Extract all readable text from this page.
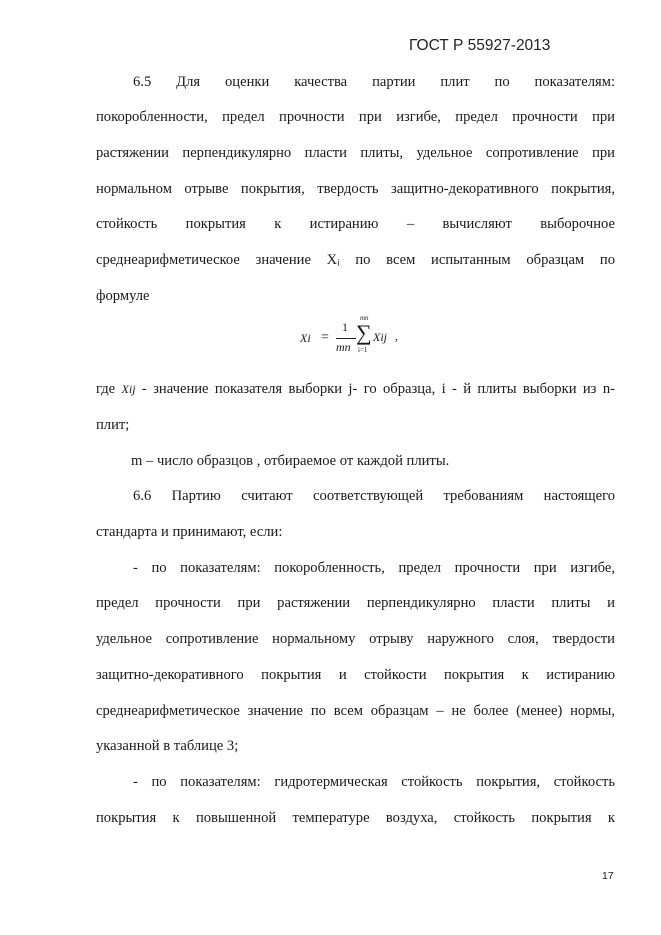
ГОСТ Р 55927-2013
6.5 Для оценки качества партии плит по показателям:
покоробленности, предел прочности при изгибе, предел прочности при
растяжении перпендикулярно пласти плиты, удельное сопротивление при
нормальном отрыве покрытия, твердость защитно-декоративного покрытия,
стойкость покрытия к истиранию – вычисляют выборочное
среднеарифметическое значение Xᵢ по всем испытанным образцам по
формуле
Xi =
1
mn
mn
∑
i=1
Xij ,
где Xij - значение показателя выборки j- го образца, i - й плиты выборки из n-
плит;
m – число образцов , отбираемое от каждой плиты.
6.6 Партию считают соответствующей требованиям настоящего
стандарта и принимают, если:
- по показателям: покоробленность, предел прочности при изгибе,
предел прочности при растяжении перпендикулярно пласти плиты и
удельное сопротивление нормальному отрыву наружного слоя, твердости
защитно-декоративного покрытия и стойкости покрытия к истиранию
среднеарифметическое значение по всем образцам – не более (менее) нормы,
указанной в таблице 3;
- по показателям: гидротермическая стойкость покрытия, стойкость
покрытия к повышенной температуре воздуха, стойкость покрытия к
17
